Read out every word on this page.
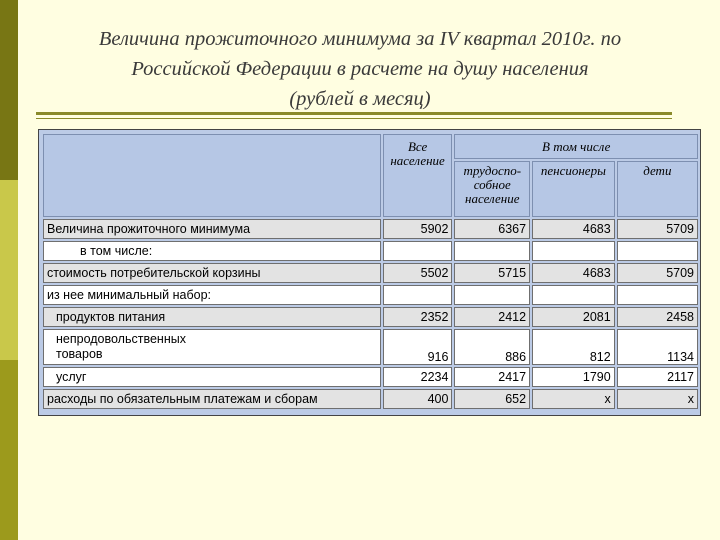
Величина прожиточного минимума за IV квартал 2010г. по
Российской Федерации в расчете на душу населения
(рублей в месяц)
	Все население	В том числе		
		трудоспо-собное население	пенсионеры	дети
Величина прожиточного минимума	5902	6367	4683	5709
в том числе:				
стоимость потребительской корзины	5502	5715	4683	5709
из нее минимальный набор:				
продуктов питания	2352	2412	2081	2458

непродовольственных
товаров	916	886	812	1134
услуг	2234	2417	1790	2117
расходы по обязательным платежам и сборам	400	652	x	x
